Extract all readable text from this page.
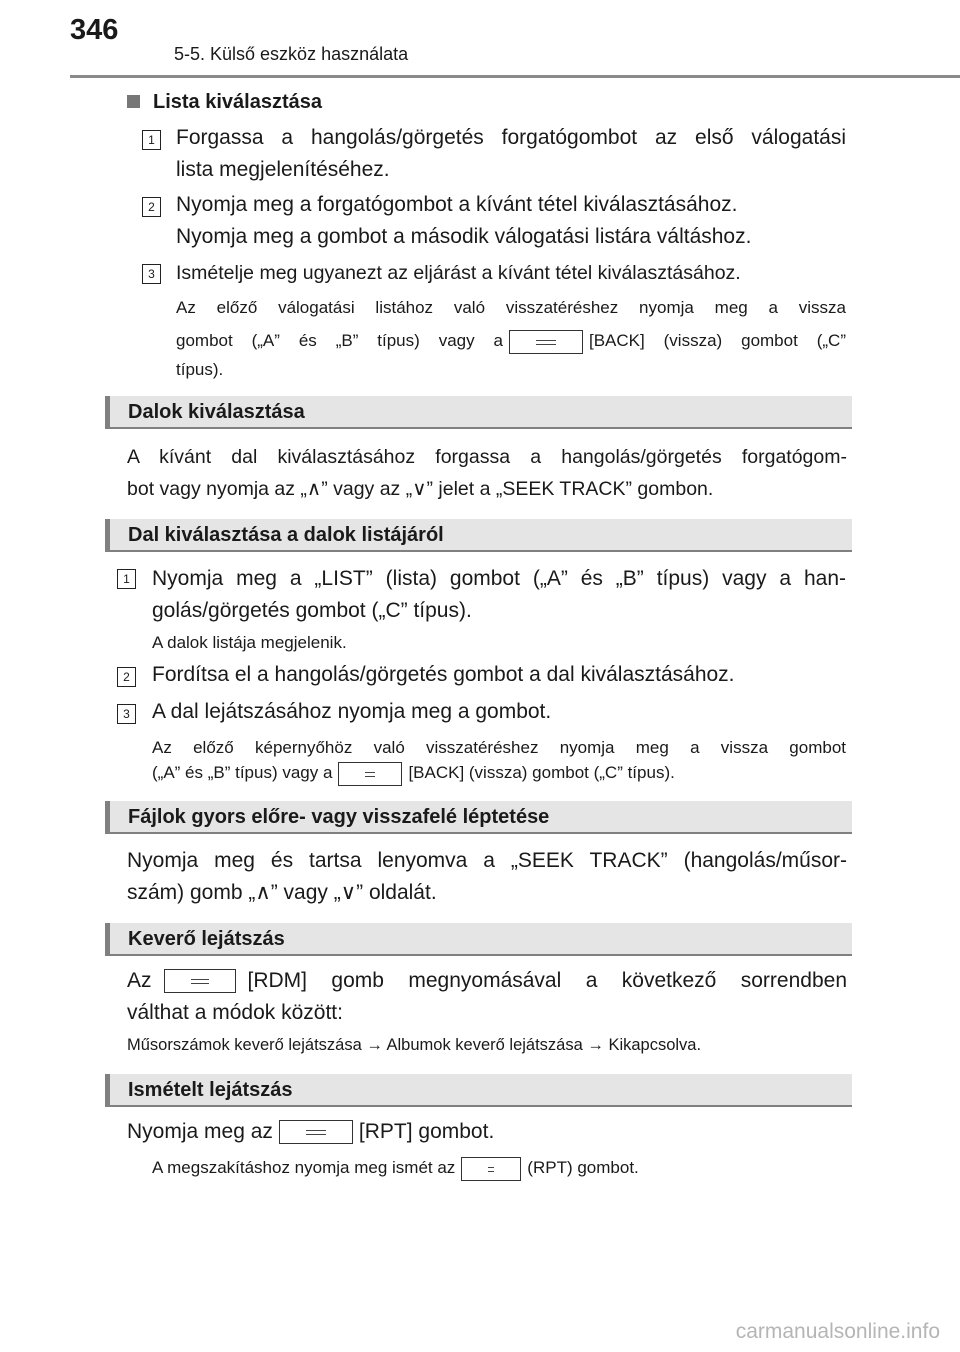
346
5-5. Külső eszköz használata
Lista kiválasztása
1 Forgassa a hangolás/görgetés forgatógombot az első válogatási
lista megjelenítéséhez.
2 Nyomja meg a forgatógombot a kívánt tétel kiválasztásához.
Nyomja meg a gombot a második válogatási listára váltáshoz.
3	Ismételje meg ugyanezt az eljárást a kívánt tétel kiválasztásához.
Az előző válogatási listához való visszatéréshez nyomja meg a vissza
gombot („A” és „B” típus) vagy a	[BACK] (vissza) gombot („C”
típus).
Dalok kiválasztása
A kívánt dal kiválasztásához forgassa a hangolás/görgetés forgatógom-
bot vagy nyomja az „∧” vagy az „∨” jelet a „SEEK TRACK” gombon.
Dal kiválasztása a dalok listájáról
1 Nyomja meg a „LIST” (lista) gombot („A” és „B” típus) vagy a han-
golás/görgetés gombot („C” típus).
A dalok listája megjelenik.
2 Fordítsa el a hangolás/görgetés gombot a dal kiválasztásához.
3 A dal lejátszásához nyomja meg a gombot.
Az előző képernyőhöz való visszatéréshez nyomja meg a vissza gombot
(„A” és „B” típus) vagy a	[BACK] (vissza) gombot („C” típus).
Fájlok gyors előre- vagy visszafelé léptetése
Nyomja meg és tartsa lenyomva a „SEEK TRACK” (hangolás/műsor-
szám) gomb „∧” vagy „∨” oldalát.
Keverő lejátszás
Az	[RDM] gomb megnyomásával a következő sorrendben
válthat a módok között:
Műsorszámok keverő lejátszása → Albumok keverő lejátszása → Kikapcsolva.
Ismételt lejátszás
Nyomja meg az	[RPT] gombot.
A megszakításhoz nyomja meg ismét az	(RPT) gombot.
carmanualsonline.info
